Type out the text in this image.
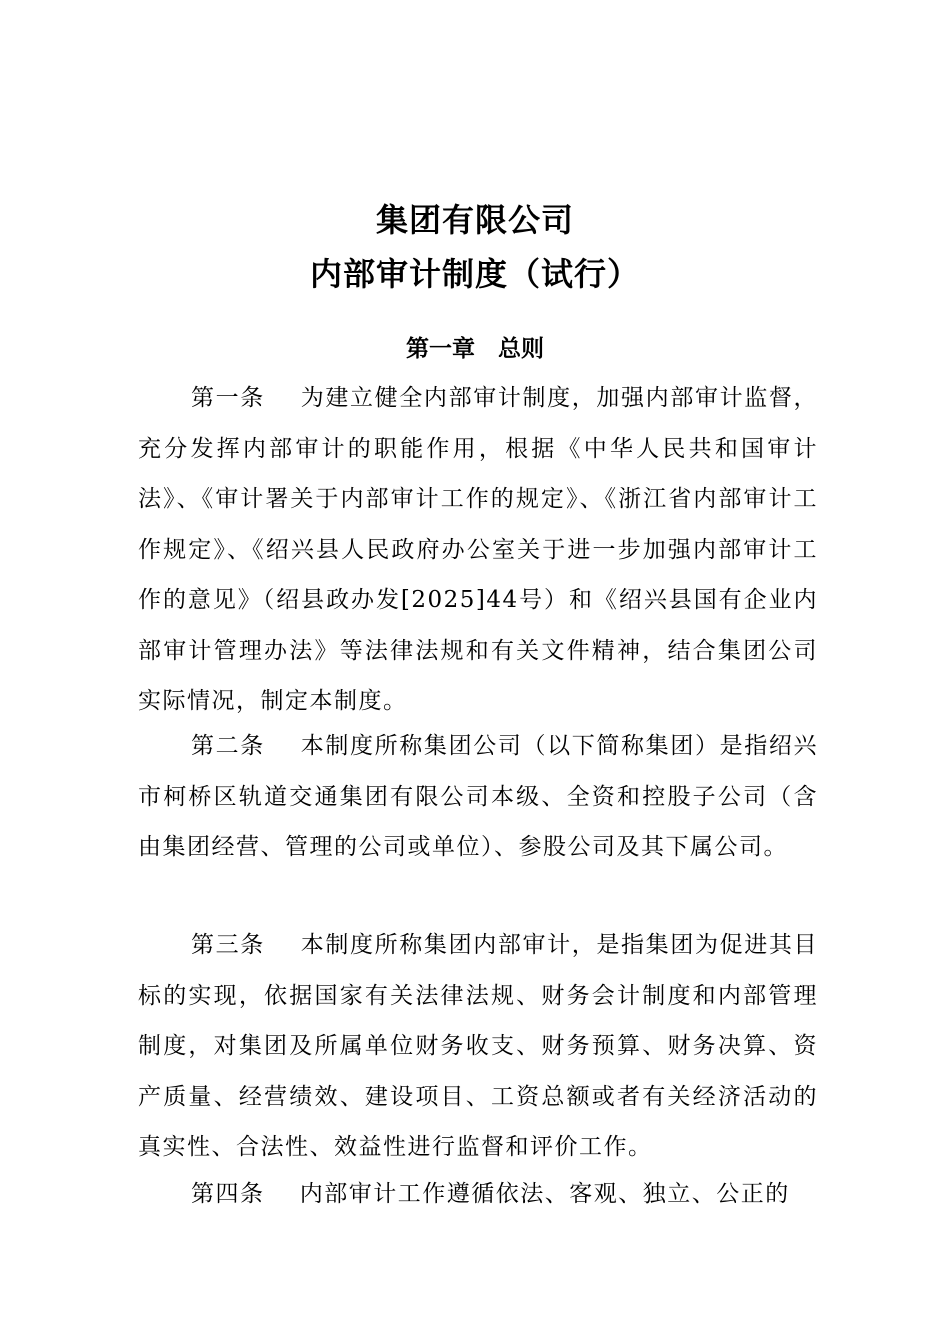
集团有限公司
内部审计制度（试行）
第一章　总则

第一条 为建立健全内部审计制度，加强内部审计监督，充分发挥内部审计的职能作用，根据《中华人民共和国审计法》、《审计署关于内部审计工作的规定》、《浙江省内部审计工作规定》、《绍兴县人民政府办公室关于进一步加强内部审计工作的意见》（绍县政办发[2025]44号）和《绍兴县国有企业内部审计管理办法》等法律法规和有关文件精神，结合集团公司实际情况，制定本制度。

第二条 本制度所称集团公司（以下简称集团）是指绍兴市柯桥区轨道交通集团有限公司本级、全资和控股子公司（含由集团经营、管理的公司或单位）、参股公司及其下属公司。

第三条 本制度所称集团内部审计，是指集团为促进其目标的实现，依据国家有关法律法规、财务会计制度和内部管理制度，对集团及所属单位财务收支、财务预算、财务决算、资产质量、经营绩效、建设项目、工资总额或者有关经济活动的真实性、合法性、效益性进行监督和评价工作。

第四条 内部审计工作遵循依法、客观、独立、公正的
